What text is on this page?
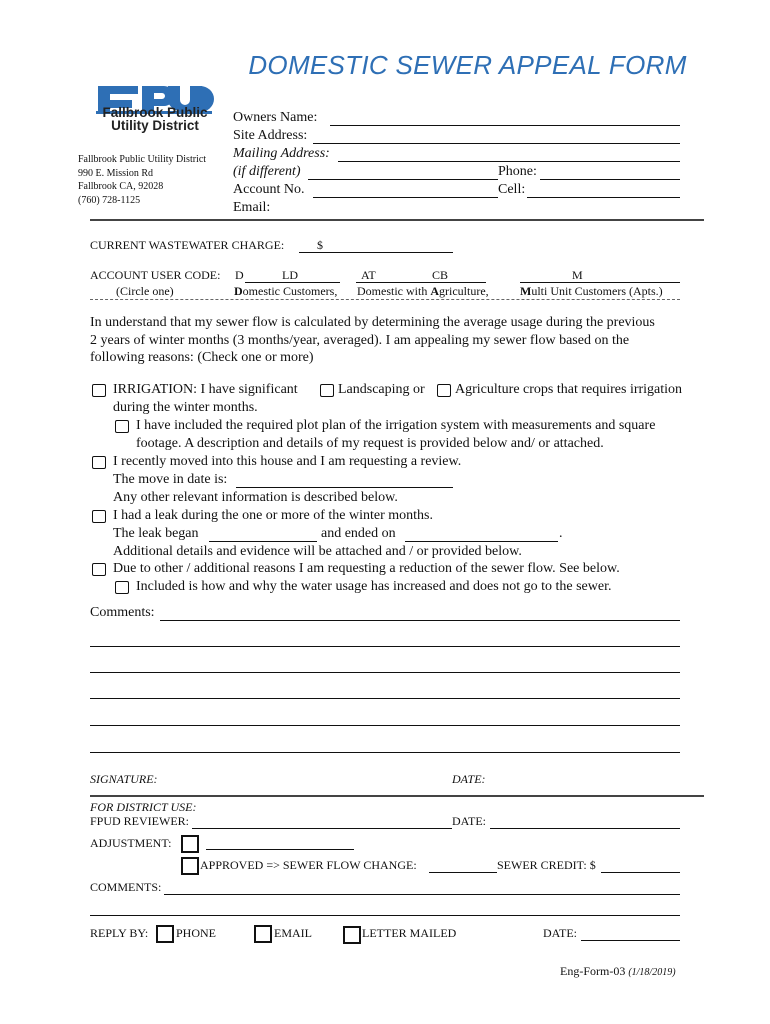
DOMESTIC SEWER APPEAL FORM
Fallbrook Public
Utility District
Fallbrook Public Utility District
990 E. Mission Rd
Fallbrook CA, 92028
(760) 728-1125
Owners Name:
Site Address:
Mailing Address:
(if different)	Phone:
Account No.	Cell:
Email:
CURRENT WASTEWATER CHARGE:	$
ACCOUNT USER CODE: D	LD	AT	CB	M
(Circle one)	Domestic Customers, Domestic with Agriculture,	Multi Unit Customers (Apts.)
In understand that my sewer flow is calculated by determining the average usage during the previous
2 years of winter months (3 months/year, averaged). I am appealing my sewer flow based on the
following reasons: (Check one or more)
IRRIGATION: I have significant	Landscaping or Agriculture crops that requires irrigation
during the winter months.
I have included the required plot plan of the irrigation system with measurements and square
footage. A description and details of my request is provided below and/ or attached.
I recently moved into this house and I am requesting a review.
The move in date is:
Any other relevant information is described below.
I had a leak during the one or more of the winter months.
The leak began	and ended on	.
Additional details and evidence will be attached and / or provided below.
Due to other / additional reasons I am requesting a reduction of the sewer flow. See below.
Included is how and why the water usage has increased and does not go to the sewer.
Comments:
SIGNATURE:	DATE:
FOR DISTRICT USE:
FPUD REVIEWER:	DATE:
ADJUSTMENT:
APPROVED => SEWER FLOW CHANGE:	SEWER CREDIT: $
COMMENTS:
REPLY BY: PHONE	EMAIL	LETTER MAILED	DATE:
Eng-Form-03 (1/18/2019)
